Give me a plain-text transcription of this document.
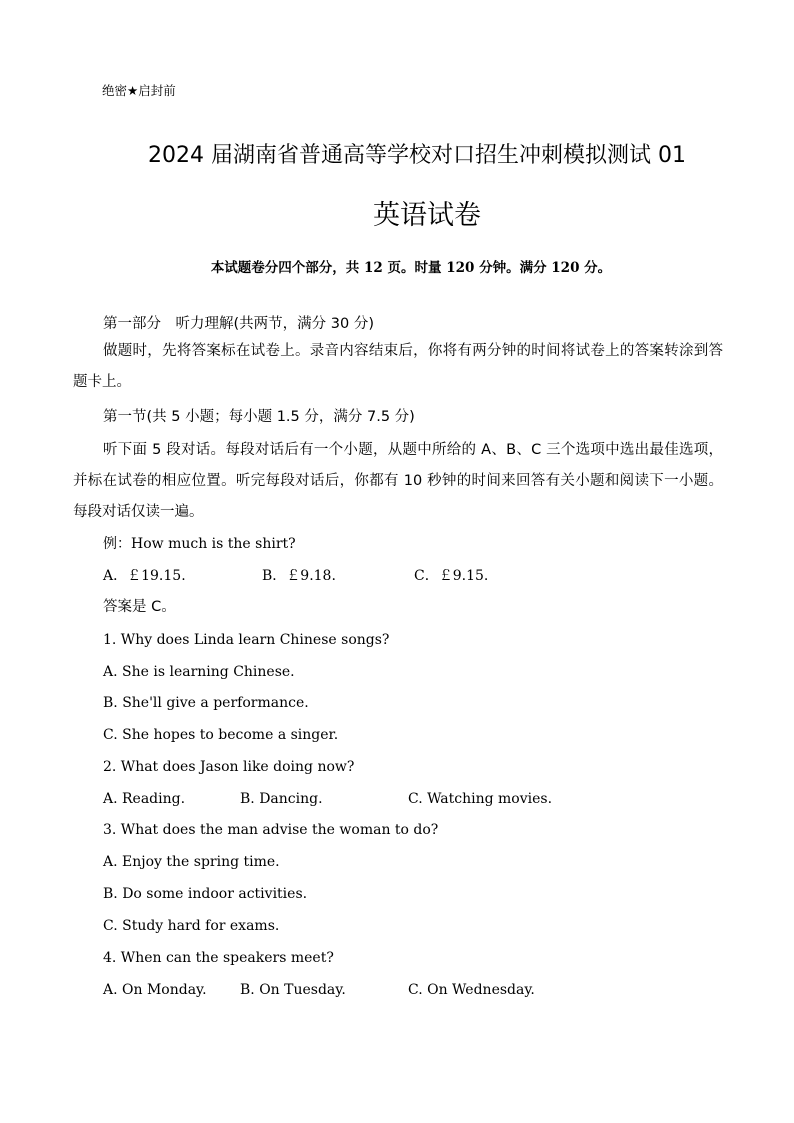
绝密★启封前
2024 届湖南省普通高等学校对口招生冲刺模拟测试 01
英语试卷
本试题卷分四个部分，共 12 页。时量 120 分钟。满分 120 分。
第一部分　听力理解(共两节，满分 30 分)
做题时，先将答案标在试卷上。录音内容结束后，你将有两分钟的时间将试卷上的答案转涂到答题卡上。
第一节(共 5 小题；每小题 1.5 分，满分 7.5 分)
听下面 5 段对话。每段对话后有一个小题，从题中所给的 A、B、C 三个选项中选出最佳选项，并标在试卷的相应位置。听完每段对话后，你都有 10 秒钟的时间来回答有关小题和阅读下一小题。每段对话仅读一遍。
例：How much is the shirt?
A．￡19.15.	B．￡9.18.	C．￡9.15.
答案是 C。
1. Why does Linda learn Chinese songs?
A. She is learning Chinese.
B. She'll give a performance.
C. She hopes to become a singer.
2. What does Jason like doing now?
A. Reading.	B. Dancing.	C. Watching movies.
3. What does the man advise the woman to do?
A. Enjoy the spring time.
B. Do some indoor activities.
C. Study hard for exams.
4. When can the speakers meet?
A. On Monday. B. On Tuesday.	C. On Wednesday.
